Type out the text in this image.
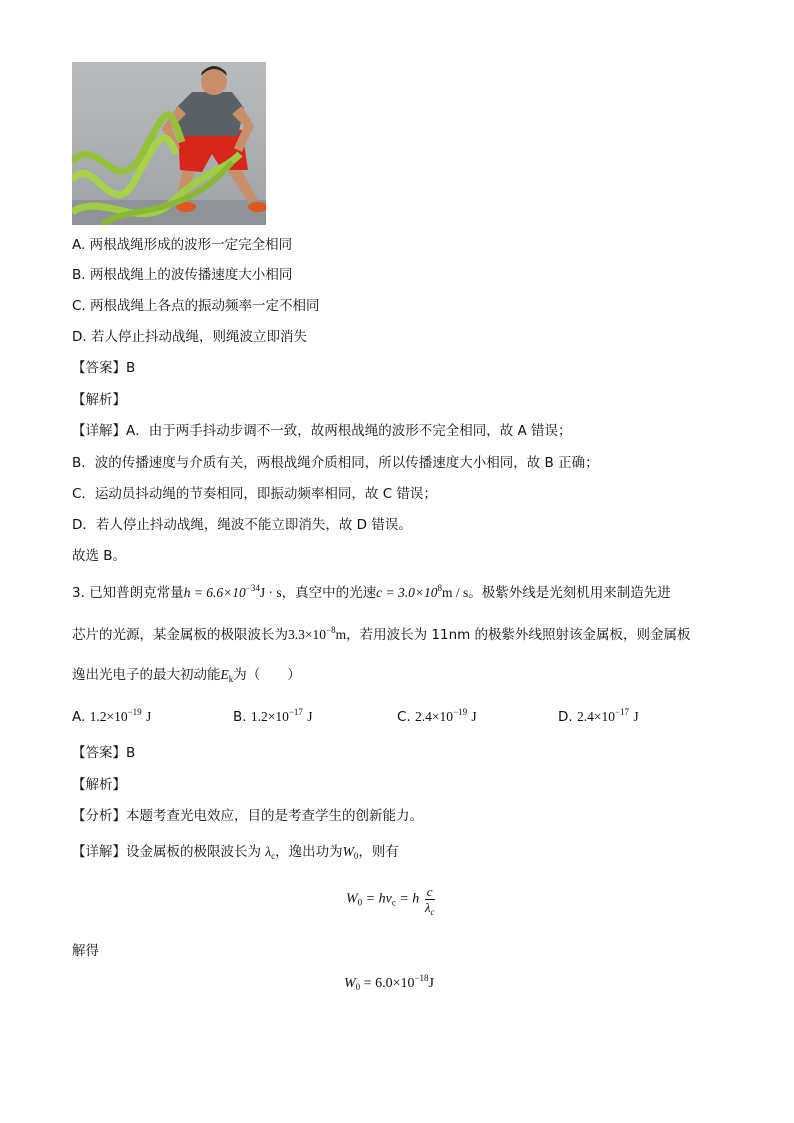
A. 两根战绳形成的波形一定完全相同
B. 两根战绳上的波传播速度大小相同
C. 两根战绳上各点的振动频率一定不相同
D. 若人停止抖动战绳，则绳波立即消失
【答案】B
【解析】
【详解】A．由于两手抖动步调不一致，故两根战绳的波形不完全相同，故 A 错误；
B．波的传播速度与介质有关，两根战绳介质相同，所以传播速度大小相同，故 B 正确；
C．运动员抖动绳的节奏相同，即振动频率相同，故 C 错误；
D．若人停止抖动战绳，绳波不能立即消失，故 D 错误。
故选 B。
3. 已知普朗克常量$h = 6.6\times 10^{-34}J \cdot s$，真空中的光速$c = 3.0\times 10^8m / s$。极紫外线是光刻机用来制造先进
芯片的光源，某金属板的极限波长为$3.3\times 10^{-8}m$，若用波长为 11nm 的极紫外线照射该金属板，则金属板
逸出光电子的最大初动能$E_k$为（　　）
A. $1.2\times 10^{-19}$ J	B. $1.2\times 10^{-17}$ J	C. $2.4\times 10^{-19}$ J	D. $2.4\times 10^{-17}$ J
【答案】B
【解析】
【分析】本题考查光电效应，目的是考查学生的创新能力。
【详解】设金属板的极限波长为 $\lambda_c$，逸出功为$W_0$，则有
$W_0 = h\nu_c = h \frac{c}{\lambda_c}$
解得
$W_0 = 6.0\times 10^{-18}J$
